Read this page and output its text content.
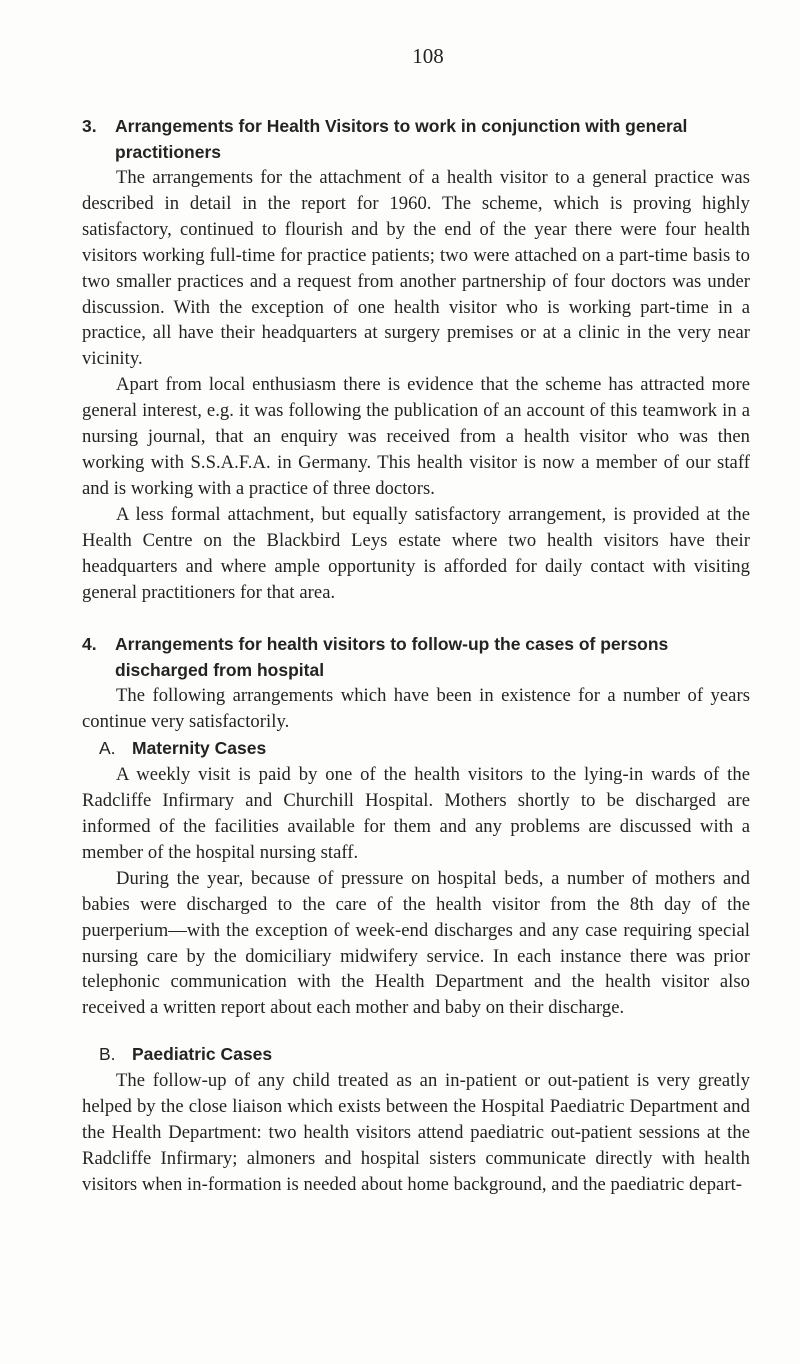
108
3.	Arrangements for Health Visitors to work in conjunction with general practitioners

The arrangements for the attachment of a health visitor to a general practice was described in detail in the report for 1960. The scheme, which is proving highly satisfactory, continued to flourish and by the end of the year there were four health visitors working full-time for practice patients; two were attached on a part-time basis to two smaller practices and a request from another partnership of four doctors was under discussion. With the exception of one health visitor who is working part-time in a practice, all have their headquarters at surgery premises or at a clinic in the very near vicinity.

Apart from local enthusiasm there is evidence that the scheme has attracted more general interest, e.g. it was following the publication of an account of this teamwork in a nursing journal, that an enquiry was received from a health visitor who was then working with S.S.A.F.A. in Germany. This health visitor is now a member of our staff and is working with a practice of three doctors.

A less formal attachment, but equally satisfactory arrangement, is provided at the Health Centre on the Blackbird Leys estate where two health visitors have their headquarters and where ample opportunity is afforded for daily contact with visiting general practitioners for that area.

4.	Arrangements for health visitors to follow-up the cases of persons discharged from hospital

The following arrangements which have been in existence for a number of years continue very satisfactorily.

A. Maternity Cases

A weekly visit is paid by one of the health visitors to the lying-in wards of the Radcliffe Infirmary and Churchill Hospital. Mothers shortly to be discharged are informed of the facilities available for them and any problems are discussed with a member of the hospital nursing staff.

During the year, because of pressure on hospital beds, a number of mothers and babies were discharged to the care of the health visitor from the 8th day of the puerperium—with the exception of week-end discharges and any case requiring special nursing care by the domiciliary midwifery service. In each instance there was prior telephonic communication with the Health Department and the health visitor also received a written report about each mother and baby on their discharge.

B. Paediatric Cases

The follow-up of any child treated as an in-patient or out-patient is very greatly helped by the close liaison which exists between the Hospital Paediatric Department and the Health Department: two health visitors attend paediatric out-patient sessions at the Radcliffe Infirmary; almoners and hospital sisters communicate directly with health visitors when in-formation is needed about home background, and the paediatric depart-
